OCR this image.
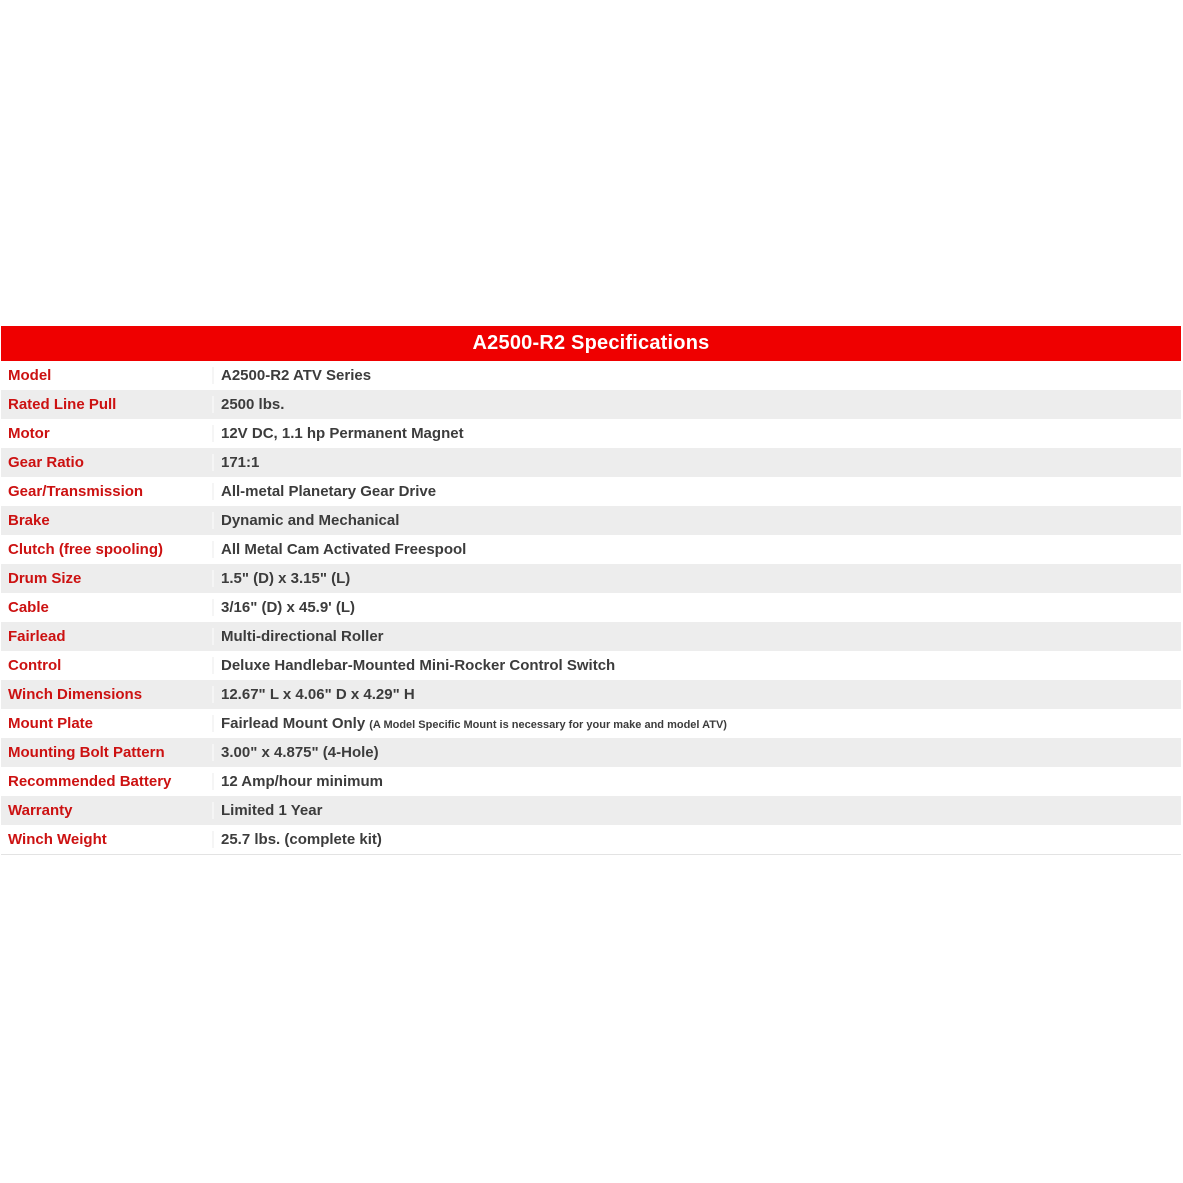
A2500-R2 Specifications
Model	A2500-R2 ATV Series
Rated Line Pull	2500 lbs.
Motor	12V DC, 1.1 hp Permanent Magnet
Gear Ratio	171:1
Gear/Transmission	All-metal Planetary Gear Drive
Brake	Dynamic and Mechanical
Clutch (free spooling)	All Metal Cam Activated Freespool
Drum Size	1.5" (D) x 3.15" (L)
Cable	3/16" (D) x 45.9' (L)
Fairlead	Multi-directional Roller
Control	Deluxe Handlebar-Mounted Mini-Rocker Control Switch
Winch Dimensions	12.67" L x 4.06" D x 4.29" H
Mount Plate	Fairlead Mount Only (A Model Specific Mount is necessary for your make and model ATV)
Mounting Bolt Pattern	3.00" x 4.875" (4-Hole)
Recommended Battery	12 Amp/hour minimum
Warranty	Limited 1 Year
Winch Weight	25.7 lbs. (complete kit)
